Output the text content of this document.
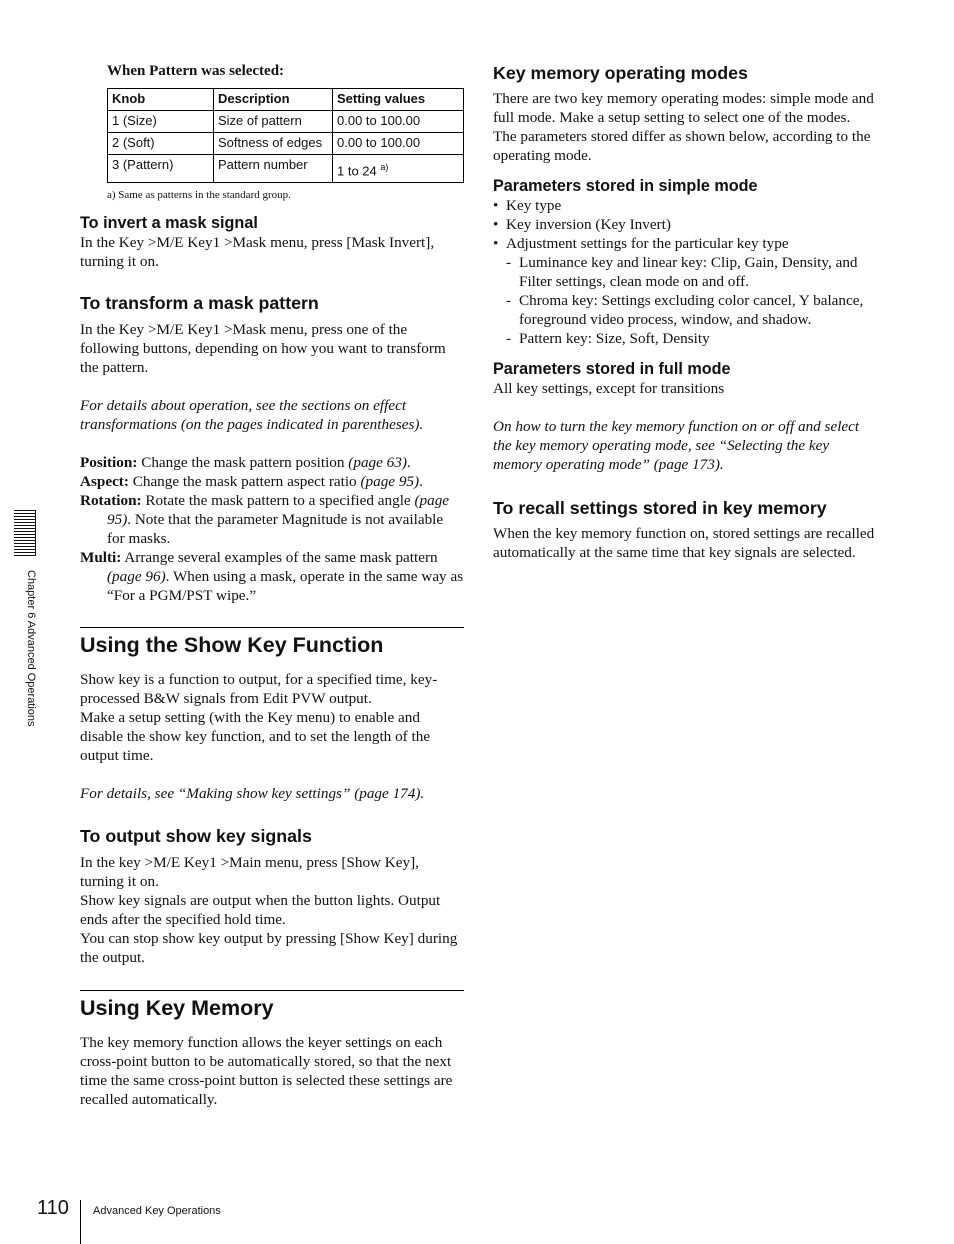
Chapter 6 Advanced Operations
When Pattern was selected:
Knob	Description	Setting values
1 (Size)	Size of pattern	0.00 to 100.00
2 (Soft)	Softness of edges	0.00 to 100.00
3 (Pattern)	Pattern number	1 to 24 $^{a)}$
a) Same as patterns in the standard group.
To invert a mask signal

In the Key >M/E Key1 >Mask menu, press [Mask Invert], turning it on.

To transform a mask pattern

In the Key >M/E Key1 >Mask menu, press one of the following buttons, depending on how you want to transform the pattern.

For details about operation, see the sections on effect transformations (on the pages indicated in parentheses).

Position: Change the mask pattern position (page 63).

Aspect: Change the mask pattern aspect ratio (page 95).

Rotation: Rotate the mask pattern to a specified angle (page 95). Note that the parameter Magnitude is not available for masks.

Multi: Arrange several examples of the same mask pattern (page 96). When using a mask, operate in the same way as “For a PGM/PST wipe.”

Using the Show Key Function

Show key is a function to output, for a specified time, key-processed B&W signals from Edit PVW output.

Make a setup setting (with the Key menu) to enable and disable the show key function, and to set the length of the output time.

For details, see “Making show key settings” (page 174).

To output show key signals

In the key >M/E Key1 >Main menu, press [Show Key], turning it on.

Show key signals are output when the button lights. Output ends after the specified hold time.

You can stop show key output by pressing [Show Key] during the output.

Using Key Memory

The key memory function allows the keyer settings on each cross-point button to be automatically stored, so that the next time the same cross-point button is selected these settings are recalled automatically.

Key memory operating modes

There are two key memory operating modes: simple mode and full mode. Make a setup setting to select one of the modes.

The parameters stored differ as shown below, according to the operating mode.

Parameters stored in simple mode

• Key type

• Key inversion (Key Invert)

• Adjustment settings for the particular key type

- Luminance key and linear key: Clip, Gain, Density, and Filter settings, clean mode on and off.

- Chroma key: Settings excluding color cancel, Y balance, foreground video process, window, and shadow.

- Pattern key: Size, Soft, Density

Parameters stored in full mode

All key settings, except for transitions

On how to turn the key memory function on or off and select the key memory operating mode, see “Selecting the key memory operating mode” (page 173).

To recall settings stored in key memory

When the key memory function on, stored settings are recalled automatically at the same time that key signals are selected.

110 Advanced Key Operations
